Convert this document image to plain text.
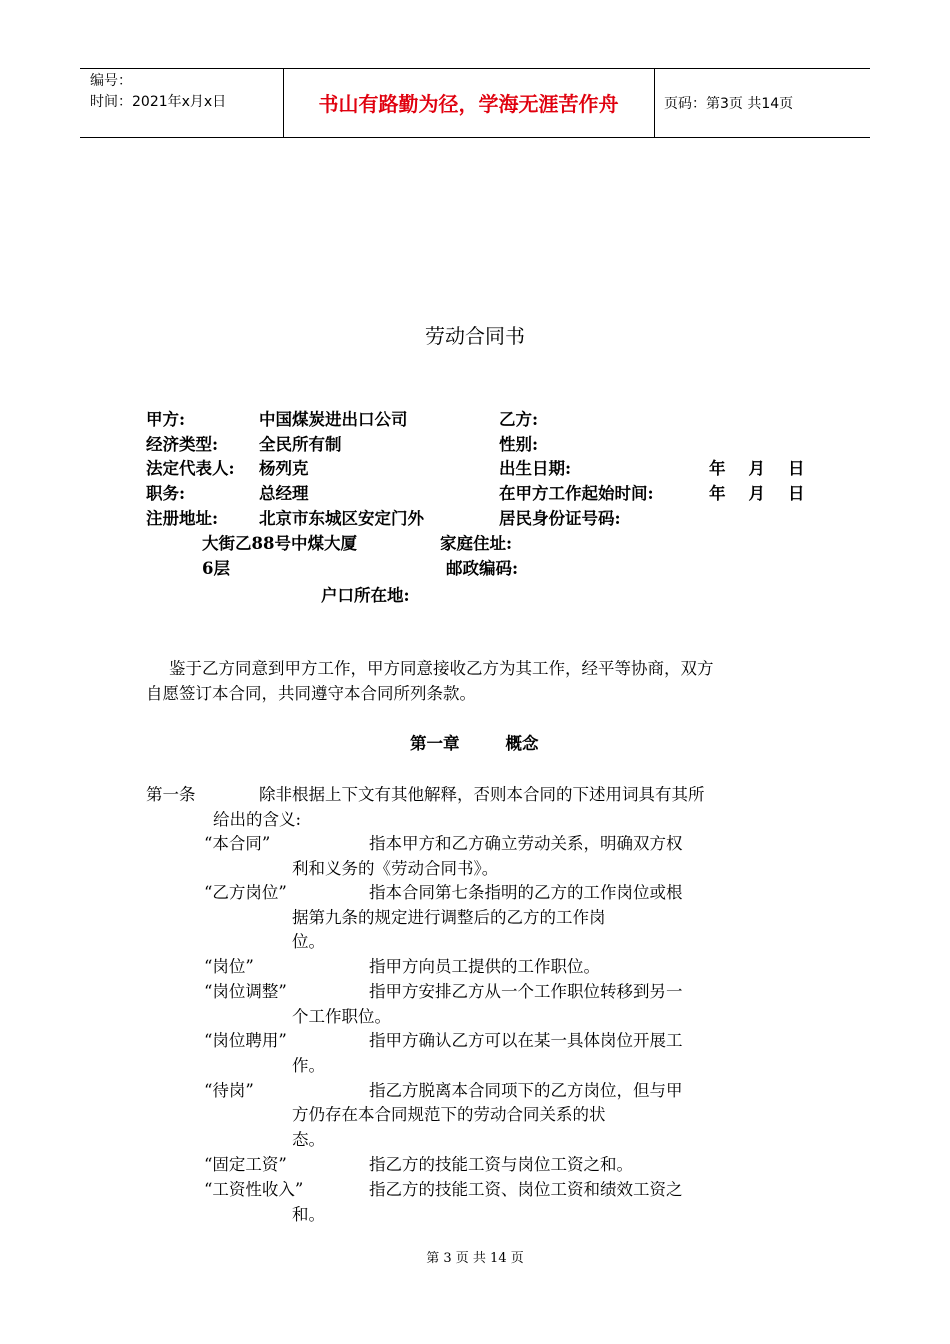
编号：
时间：2021年x月x日	书山有路勤为径，学海无涯苦作舟	页码：第3页 共14页
劳动合同书
甲方:	中国煤炭进出口公司	乙方:
经济类型: 全民所有制	性别:
法定代表人: 杨列克	出生日期:	年    月    日
职务:	总经理	在甲方工作起始时间:	年    月    日
注册地址: 北京市东城区安定门外	居民身份证号码:
大街乙88号中煤大厦	家庭住址:
6层	邮政编码:
户口所在地:
鉴于乙方同意到甲方工作，甲方同意接收乙方为其工作，经平等协商，双方
自愿签订本合同，共同遵守本合同所列条款。
第一章        概念
第一条	除非根据上下文有其他解释，否则本合同的下述用词具有其所
给出的含义:
“本合同”	指本甲方和乙方确立劳动关系，明确双方权
利和义务的《劳动合同书》。
“乙方岗位”	指本合同第七条指明的乙方的工作岗位或根
据第九条的规定进行调整后的乙方的工作岗
位。
“岗位”	指甲方向员工提供的工作职位。
“岗位调整”	指甲方安排乙方从一个工作职位转移到另一
个工作职位。
“岗位聘用”	指甲方确认乙方可以在某一具体岗位开展工
作。
“待岗”	指乙方脱离本合同项下的乙方岗位，但与甲
方仍存在本合同规范下的劳动合同关系的状
态。
“固定工资”	指乙方的技能工资与岗位工资之和。
“工资性收入”	指乙方的技能工资、岗位工资和绩效工资之
和。
第 3 页 共 14 页
